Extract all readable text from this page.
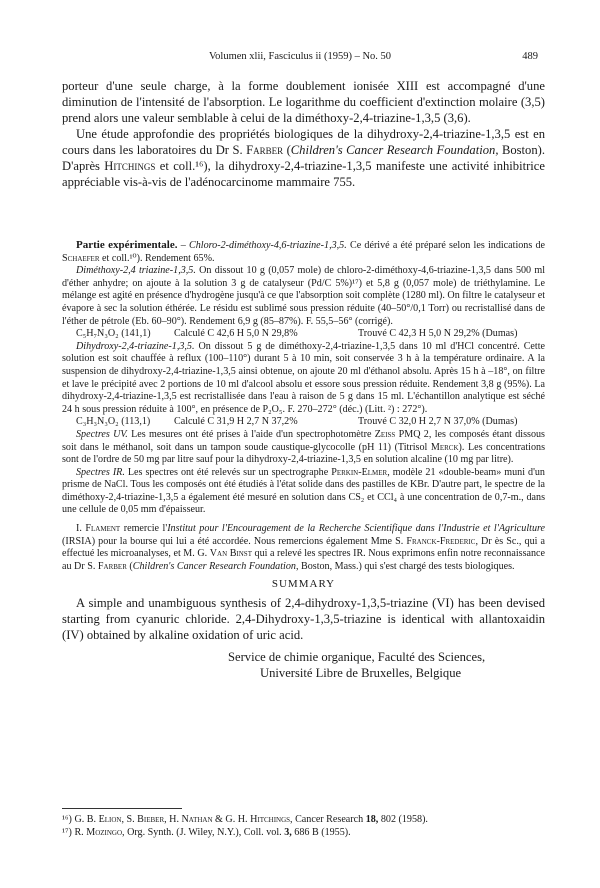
Volumen xlii, Fasciculus ii (1959) – No. 50	489

porteur d'une seule charge, à la forme doublement ionisée XIII est accompagné d'une diminution de l'intensité de l'absorption. Le logarithme du coefficient d'extinction molaire (3,5) prend alors une valeur semblable à celui de la diméthoxy-2,4-triazine-1,3,5 (3,6).

Une étude approfondie des propriétés biologiques de la dihydroxy-2,4-triazine-1,3,5 est en cours dans les laboratoires du Dr S. Farber (Children's Cancer Research Foundation, Boston). D'après Hitchings et coll.¹⁶), la dihydroxy-2,4-triazine-1,3,5 manifeste une activité inhibitrice appréciable vis-à-vis de l'adénocarcinome mammaire 755.

Partie expérimentale. – Chloro-2-diméthoxy-4,6-triazine-1,3,5. Ce dérivé a été préparé selon les indications de Schaefer et coll.¹⁰). Rendement 65%.

Diméthoxy-2,4 triazine-1,3,5. On dissout 10 g (0,057 mole) de chloro-2-diméthoxy-4,6-triazine-1,3,5 dans 500 ml d'éther anhydre; on ajoute à la solution 3 g de catalyseur (Pd/C 5%)¹⁷) et 5,8 g (0,057 mole) de triéthylamine. Le mélange est agité en présence d'hydrogène jusqu'à ce que l'absorption soit complète (1280 ml). On filtre le catalyseur et évapore à sec la solution éthérée. Le résidu est sublimé sous pression réduite (40–50°/0,1 Torr) ou recristallisé dans de l'éther de pétrole (Eb. 60–90°). Rendement 6,9 g (85–87%). F. 55,5–56° (corrigé).

C₅H₇N₃O₂ (141,1) Calculé C 42,6 H 5,0 N 29,8%	Trouvé C 42,3 H 5,0 N 29,2% (Dumas)

Dihydroxy-2,4-triazine-1,3,5. On dissout 5 g de diméthoxy-2,4-triazine-1,3,5 dans 10 ml d'HCl concentré. Cette solution est soit chauffée à reflux (100–110°) durant 5 à 10 min, soit conservée 3 h à la température ordinaire. A la suspension de dihydroxy-2,4-triazine-1,3,5 ainsi obtenue, on ajoute 20 ml d'éthanol absolu. Après 15 h à –18°, on filtre et lave le précipité avec 2 portions de 10 ml d'alcool absolu et essore sous pression réduite. Rendement 3,8 g (95%). La dihydroxy-2,4-triazine-1,3,5 est recristallisée dans l'eau à raison de 5 g dans 15 ml. L'échantillon analytique est séché 24 h sous pression réduite à 100°, en présence de P₂O₅. F. 270–272° (déc.) (Litt. ²) : 272°).

C₃H₃N₃O₂ (113,1) Calculé C 31,9 H 2,7 N 37,2%	Trouvé C 32,0 H 2,7 N 37,0% (Dumas)

Spectres UV. Les mesures ont été prises à l'aide d'un spectrophotomètre Zeiss PMQ 2, les composés étant dissous soit dans le méthanol, soit dans un tampon soude caustique-glycocolle (pH 11) (Titrisol Merck). Les concentrations sont de l'ordre de 50 mg par litre sauf pour la dihydroxy-2,4-triazine-1,3,5 en solution alcaline (10 mg par litre).

Spectres IR. Les spectres ont été relevés sur un spectrographe Perkin-Elmer, modèle 21 «double-beam» muni d'un prisme de NaCl. Tous les composés ont été étudiés à l'état solide dans des pastilles de KBr. D'autre part, le spectre de la diméthoxy-2,4-triazine-1,3,5 a également été mesuré en solution dans CS₂ et CCl₄ à une concentration de 0,7-m., dans une cellule de 0,05 mm d'épaisseur.

I. Flament remercie l'Institut pour l'Encouragement de la Recherche Scientifique dans l'Industrie et l'Agriculture (IRSIA) pour la bourse qui lui a été accordée. Nous remercions également Mme S. Franck-Frederic, Dr ès Sc., qui a effectué les microanalyses, et M. G. Van Binst qui a relevé les spectres IR. Nous exprimons enfin notre reconnaissance au Dr S. Farber (Children's Cancer Research Foundation, Boston, Mass.) qui s'est chargé des tests biologiques.

SUMMARY

A simple and unambiguous synthesis of 2,4-dihydroxy-1,3,5-triazine (VI) has been devised starting from cyanuric chloride. 2,4-Dihydroxy-1,3,5-triazine is identical with allantoxaidin (IV) obtained by alkaline oxidation of uric acid.

Service de chimie organique, Faculté des Sciences,
Université Libre de Bruxelles, Belgique
¹⁶) G. B. Elion, S. Bieber, H. Nathan & G. H. Hitchings, Cancer Research 18, 802 (1958).
¹⁷) R. Mozingo, Org. Synth. (J. Wiley, N.Y.), Coll. vol. 3, 686 B (1955).
